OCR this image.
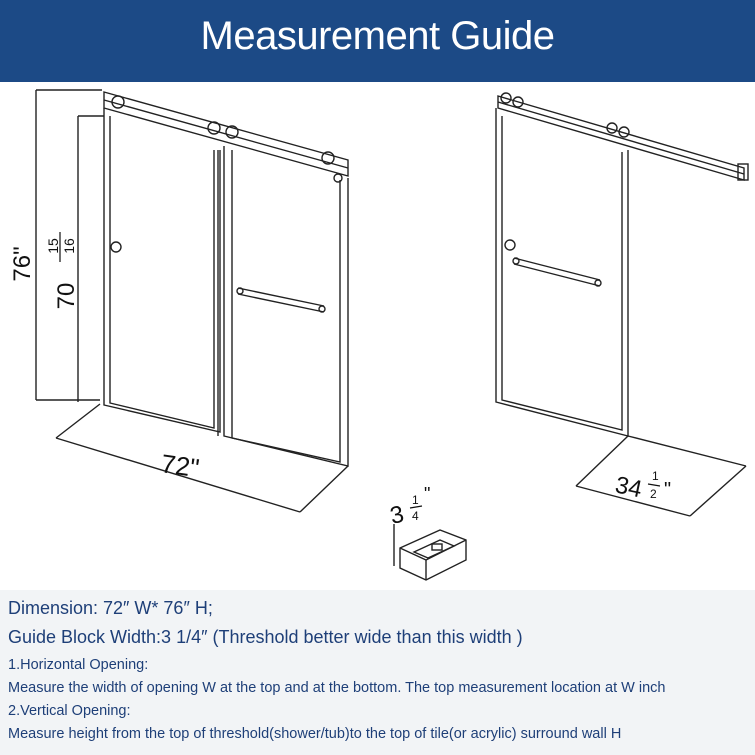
Measurement Guide
76"
70
15 16
72"
34 1
2 "
3
1
4
"
Dimension: 72″ W* 76″ H;
Guide Block Width:3 1/4″ (Threshold better wide than this width )
1.Horizontal Opening:
Measure the width of opening W at the top and at the bottom. The top measurement location at W inch
2.Vertical Opening:
Measure height from the top of threshold(shower/tub)to the top of tile(or acrylic) surround wall H
